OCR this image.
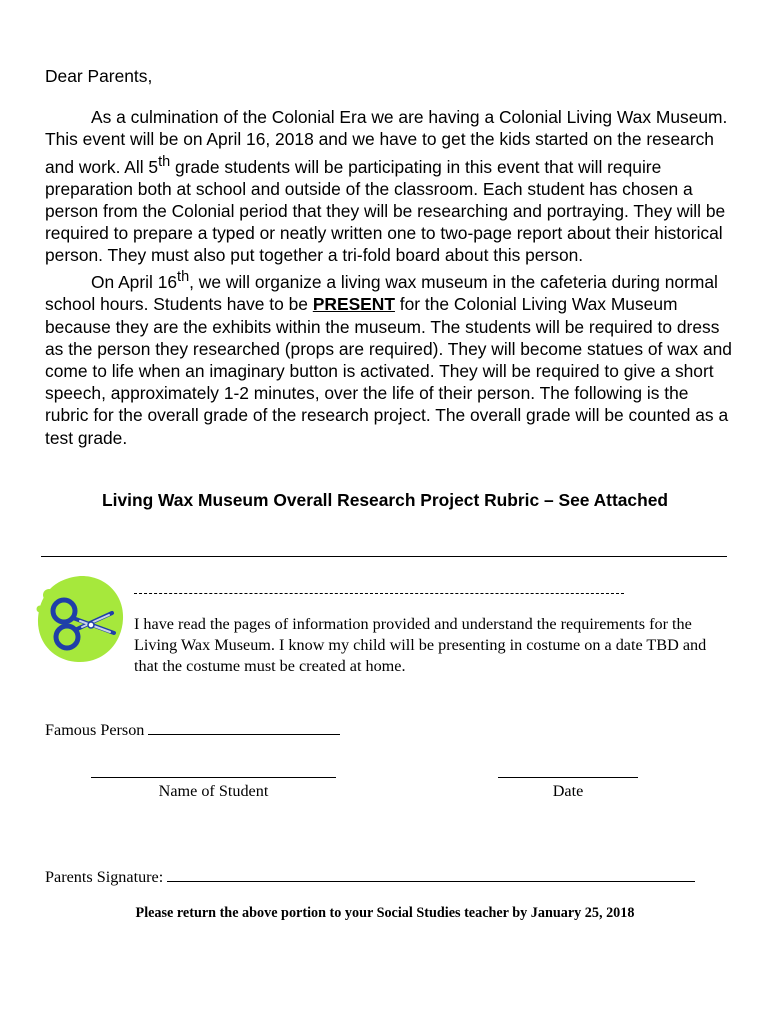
Dear Parents,

As a culmination of the Colonial Era we are having a Colonial Living Wax Museum. This event will be on April 16, 2018 and we have to get the kids started on the research and work. All 5th grade students will be participating in this event that will require preparation both at school and outside of the classroom. Each student has chosen a person from the Colonial period that they will be researching and portraying. They will be required to prepare a typed or neatly written one to two-page report about their historical person. They must also put together a tri-fold board about this person.

On April 16th, we will organize a living wax museum in the cafeteria during normal school hours. Students have to be PRESENT for the Colonial Living Wax Museum because they are the exhibits within the museum. The students will be required to dress as the person they researched (props are required). They will become statues of wax and come to life when an imaginary button is activated. They will be required to give a short speech, approximately 1-2 minutes, over the life of their person. The following is the rubric for the overall grade of the research project. The overall grade will be counted as a test grade.

Living Wax Museum Overall Research Project Rubric – See Attached

I have read the pages of information provided and understand the requirements for the Living Wax Museum. I know my child will be presenting in costume on a date TBD and that the costume must be created at home.

Famous Person
Name of Student	Date
Parents Signature:
Please return the above portion to your Social Studies teacher by January 25, 2018
